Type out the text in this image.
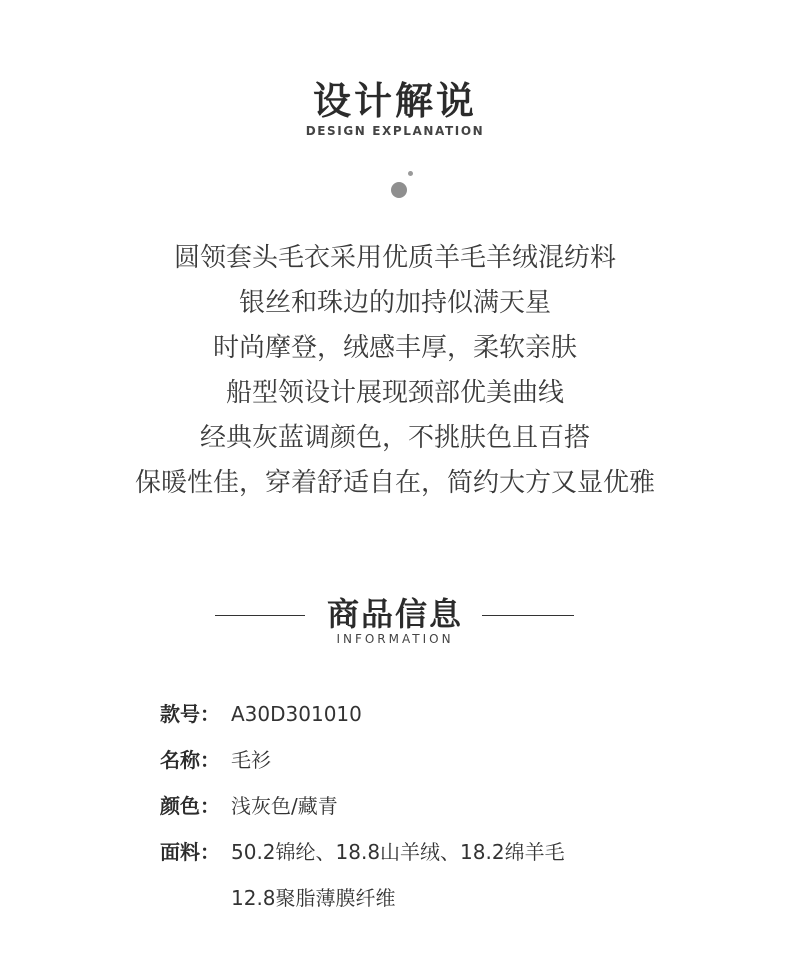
设计解说
DESIGN EXPLANATION
圆领套头毛衣采用优质羊毛羊绒混纺料
银丝和珠边的加持似满天星
时尚摩登，绒感丰厚，柔软亲肤
船型领设计展现颈部优美曲线
经典灰蓝调颜色，不挑肤色且百搭
保暖性佳，穿着舒适自在，简约大方又显优雅
商品信息
INFORMATION
款号： A30D301010
名称： 毛衫
颜色： 浅灰色/藏青
面料： 50.2锦纶、18.8山羊绒、18.2绵羊毛
12.8聚脂薄膜纤维
